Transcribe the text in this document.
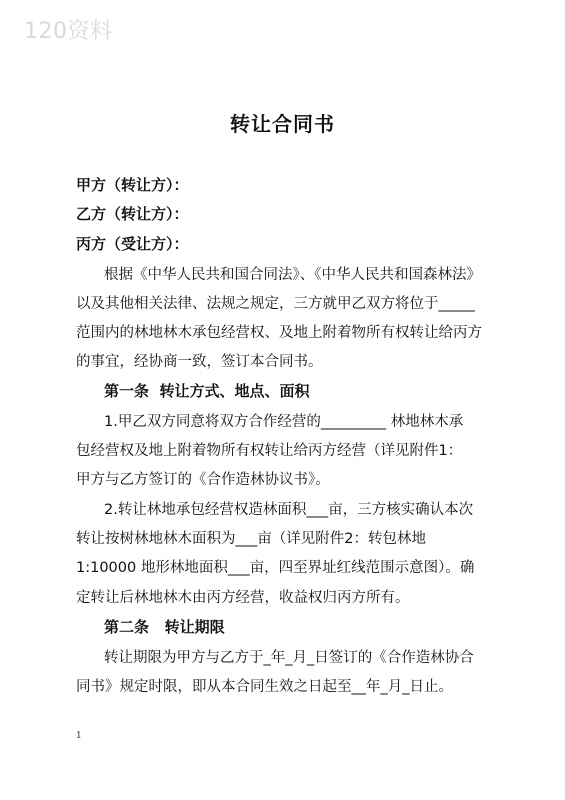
120资料
转让合同书
甲方（转让方）：
乙方（转让方）：
丙方（受让方）：
根据《中华人民共和国合同法》、《中华人民共和国森林法》
以及其他相关法律、法规之规定，三方就甲乙双方将位于_____
范围内的林地林木承包经营权、及地上附着物所有权转让给丙方
的事宜，经协商一致，签订本合同书。
第一条  转让方式、地点、面积
1.甲乙双方同意将双方合作经营的_________ 林地林木承
包经营权及地上附着物所有权转让给丙方经营（详见附件1：
甲方与乙方签订的《合作造林协议书》。
2.转让林地承包经营权造林面积___亩，三方核实确认本次
转让按树林地林木面积为___亩（详见附件2：转包林地
1:10000 地形林地面积___亩，四至界址红线范围示意图）。确
定转让后林地林木由丙方经营，收益权归丙方所有。
第二条   转让期限
转让期限为甲方与乙方于_年_月_日签订的《合作造林协合
同书》规定时限，即从本合同生效之日起至__年_月_日止。
1
